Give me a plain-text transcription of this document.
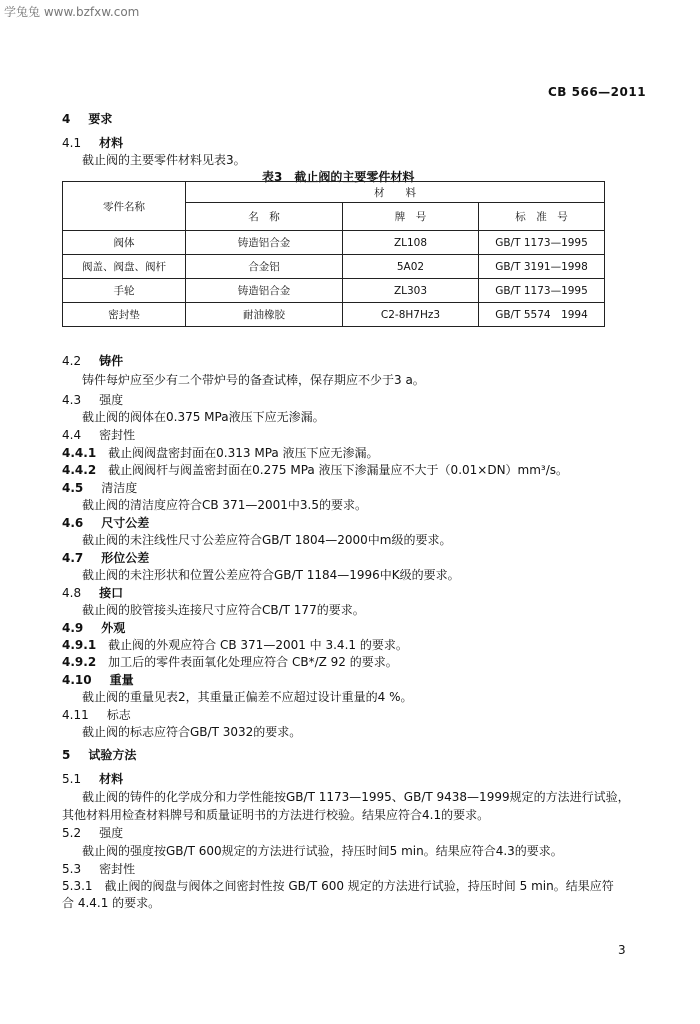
学兔兔 www.bzfxw.com
CB 566—2011
4 要求
4.1 材料
截止阀的主要零件材料见表3。
表3　截止阀的主要零件材料
零件名称	材　　料		
	名　称	牌　号	标　准　号
阀体	铸造铝合金	ZL108	GB/T 1173—1995
阀盖、阀盘、阀杆	合金铝	5A02	GB/T 3191—1998
手轮	铸造铝合金	ZL303	GB/T 1173—1995
密封垫	耐油橡胶	C2-8H7Hz3	GB/T 5574　1994
4.2 铸件
铸件每炉应至少有二个带炉号的备查试棒，保存期应不少于3 a。
4.3 强度
截止阀的阀体在0.375 MPa液压下应无渗漏。
4.4 密封性
4.4.1 截止阀阀盘密封面在0.313 MPa 液压下应无渗漏。
4.4.2 截止阀阀杆与阀盖密封面在0.275 MPa 液压下渗漏量应不大于（0.01×DN）mm³/s。
4.5 清洁度
截止阀的清洁度应符合CB 371—2001中3.5的要求。
4.6 尺寸公差
截止阀的未注线性尺寸公差应符合GB/T 1804—2000中m级的要求。
4.7 形位公差
截止阀的未注形状和位置公差应符合GB/T 1184—1996中K级的要求。
4.8 接口
截止阀的胶管接头连接尺寸应符合CB/T 177的要求。
4.9 外观
4.9.1 截止阀的外观应符合 CB 371—2001 中 3.4.1 的要求。
4.9.2 加工后的零件表面氧化处理应符合 CB*/Z 92 的要求。
4.10 重量
截止阀的重量见表2，其重量正偏差不应超过设计重量的4 %。
4.11 标志
截止阀的标志应符合GB/T 3032的要求。
5 试验方法
5.1 材料
截止阀的铸件的化学成分和力学性能按GB/T 1173—1995、GB/T 9438—1999规定的方法进行试验，
其他材料用检查材料牌号和质量证明书的方法进行校验。结果应符合4.1的要求。
5.2 强度
截止阀的强度按GB/T 600规定的方法进行试验，持压时间5 min。结果应符合4.3的要求。
5.3 密封性
5.3.1 截止阀的阀盘与阀体之间密封性按 GB/T 600 规定的方法进行试验，持压时间 5 min。结果应符
合 4.4.1 的要求。
3
